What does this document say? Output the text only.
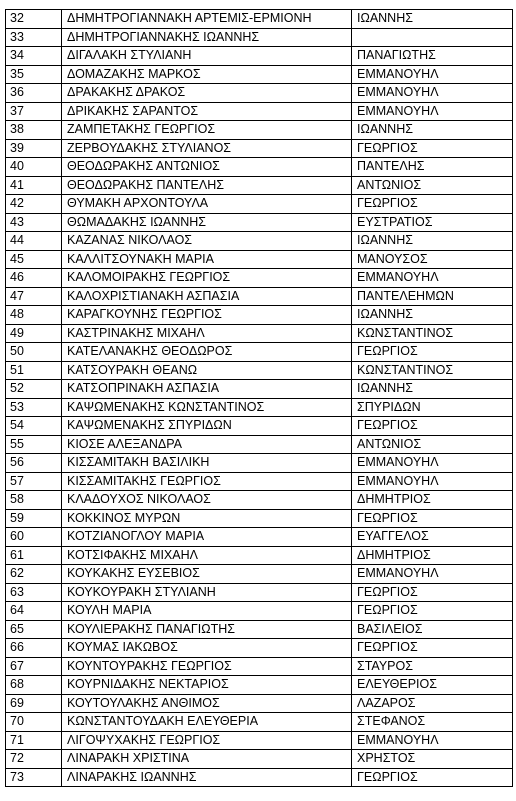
32	ΔΗΜΗΤΡΟΓΙΑΝΝΑΚΗ ΑΡΤΕΜΙΣ-ΕΡΜΙΟΝΗ	ΙΩΑΝΝΗΣ
33	ΔΗΜΗΤΡΟΓΙΑΝΝΑΚΗΣ ΙΩΑΝΝΗΣ	
34	ΔΙΓΑΛΑΚΗ ΣΤΥΛΙΑΝΗ	ΠΑΝΑΓΙΩΤΗΣ
35	ΔΟΜΑΖΑΚΗΣ ΜΑΡΚΟΣ	ΕΜΜΑΝΟΥΗΛ
36	ΔΡΑΚΑΚΗΣ ΔΡΑΚΟΣ	ΕΜΜΑΝΟΥΗΛ
37	ΔΡΙΚΑΚΗΣ ΣΑΡΑΝΤΟΣ	ΕΜΜΑΝΟΥΗΛ
38	ΖΑΜΠΕΤΑΚΗΣ ΓΕΩΡΓΙΟΣ	ΙΩΑΝΝΗΣ
39	ΖΕΡΒΟΥΔΑΚΗΣ ΣΤΥΛΙΑΝΟΣ	ΓΕΩΡΓΙΟΣ
40	ΘΕΟΔΩΡΑΚΗΣ ΑΝΤΩΝΙΟΣ	ΠΑΝΤΕΛΗΣ
41	ΘΕΟΔΩΡΑΚΗΣ ΠΑΝΤΕΛΗΣ	ΑΝΤΩΝΙΟΣ
42	ΘΥΜΑΚΗ ΑΡΧΟΝΤΟΥΛΑ	ΓΕΩΡΓΙΟΣ
43	ΘΩΜΑΔΑΚΗΣ ΙΩΑΝΝΗΣ	ΕΥΣΤΡΑΤΙΟΣ
44	ΚΑΖΑΝΑΣ ΝΙΚΟΛΑΟΣ	ΙΩΑΝΝΗΣ
45	ΚΑΛΛΙΤΣΟΥΝΑΚΗ ΜΑΡΙΑ	ΜΑΝΟΥΣΟΣ
46	ΚΑΛΟΜΟΙΡΑΚΗΣ ΓΕΩΡΓΙΟΣ	ΕΜΜΑΝΟΥΗΛ
47	ΚΑΛΟΧΡΙΣΤΙΑΝΑΚΗ ΑΣΠΑΣΙΑ	ΠΑΝΤΕΛΕΗΜΩΝ
48	ΚΑΡΑΓΚΟΥΝΗΣ ΓΕΩΡΓΙΟΣ	ΙΩΑΝΝΗΣ
49	ΚΑΣΤΡΙΝΑΚΗΣ ΜΙΧΑΗΛ	ΚΩΝΣΤΑΝΤΙΝΟΣ
50	ΚΑΤΕΛΑΝΑΚΗΣ ΘΕΟΔΩΡΟΣ	ΓΕΩΡΓΙΟΣ
51	ΚΑΤΣΟΥΡΑΚΗ ΘΕΑΝΩ	ΚΩΝΣΤΑΝΤΙΝΟΣ
52	ΚΑΤΣΟΠΡΙΝΑΚΗ ΑΣΠΑΣΙΑ	ΙΩΑΝΝΗΣ
53	ΚΑΨΩΜΕΝΑΚΗΣ ΚΩΝΣΤΑΝΤΙΝΟΣ	ΣΠΥΡΙΔΩΝ
54	ΚΑΨΩΜΕΝΑΚΗΣ ΣΠΥΡΙΔΩΝ	ΓΕΩΡΓΙΟΣ
55	ΚΙΟΣΕ ΑΛΕΞΑΝΔΡΑ	ΑΝΤΩΝΙΟΣ
56	ΚΙΣΣΑΜΙΤΑΚΗ ΒΑΣΙΛΙΚΗ	ΕΜΜΑΝΟΥΗΛ
57	ΚΙΣΣΑΜΙΤΑΚΗΣ ΓΕΩΡΓΙΟΣ	ΕΜΜΑΝΟΥΗΛ
58	ΚΛΑΔΟΥΧΟΣ ΝΙΚΟΛΑΟΣ	ΔΗΜΗΤΡΙΟΣ
59	ΚΟΚΚΙΝΟΣ ΜΥΡΩΝ	ΓΕΩΡΓΙΟΣ
60	ΚΟΤΖΙΑΝΟΓΛΟΥ ΜΑΡΙΑ	ΕΥΑΓΓΕΛΟΣ
61	ΚΟΤΣΙΦΑΚΗΣ ΜΙΧΑΗΛ	ΔΗΜΗΤΡΙΟΣ
62	ΚΟΥΚΑΚΗΣ ΕΥΣΕΒΙΟΣ	ΕΜΜΑΝΟΥΗΛ
63	ΚΟΥΚΟΥΡΑΚΗ ΣΤΥΛΙΑΝΗ	ΓΕΩΡΓΙΟΣ
64	ΚΟΥΛΗ ΜΑΡΙΑ	ΓΕΩΡΓΙΟΣ
65	ΚΟΥΛΙΕΡΑΚΗΣ ΠΑΝΑΓΙΩΤΗΣ	ΒΑΣΙΛΕΙΟΣ
66	ΚΟΥΜΑΣ ΙΑΚΩΒΟΣ	ΓΕΩΡΓΙΟΣ
67	ΚΟΥΝΤΟΥΡΑΚΗΣ ΓΕΩΡΓΙΟΣ	ΣΤΑΥΡΟΣ
68	ΚΟΥΡΝΙΔΑΚΗΣ ΝΕΚΤΑΡΙΟΣ	ΕΛΕΥΘΕΡΙΟΣ
69	ΚΟΥΤΟΥΛΑΚΗΣ ΑΝΘΙΜΟΣ	ΛΑΖΑΡΟΣ
70	ΚΩΝΣΤΑΝΤΟΥΔΑΚΗ ΕΛΕΥΘΕΡΙΑ	ΣΤΕΦΑΝΟΣ
71	ΛΙΓΟΨΥΧΑΚΗΣ ΓΕΩΡΓΙΟΣ	ΕΜΜΑΝΟΥΗΛ
72	ΛΙΝΑΡΑΚΗ ΧΡΙΣΤΙΝΑ	ΧΡΗΣΤΟΣ
73	ΛΙΝΑΡΑΚΗΣ ΙΩΑΝΝΗΣ	ΓΕΩΡΓΙΟΣ
